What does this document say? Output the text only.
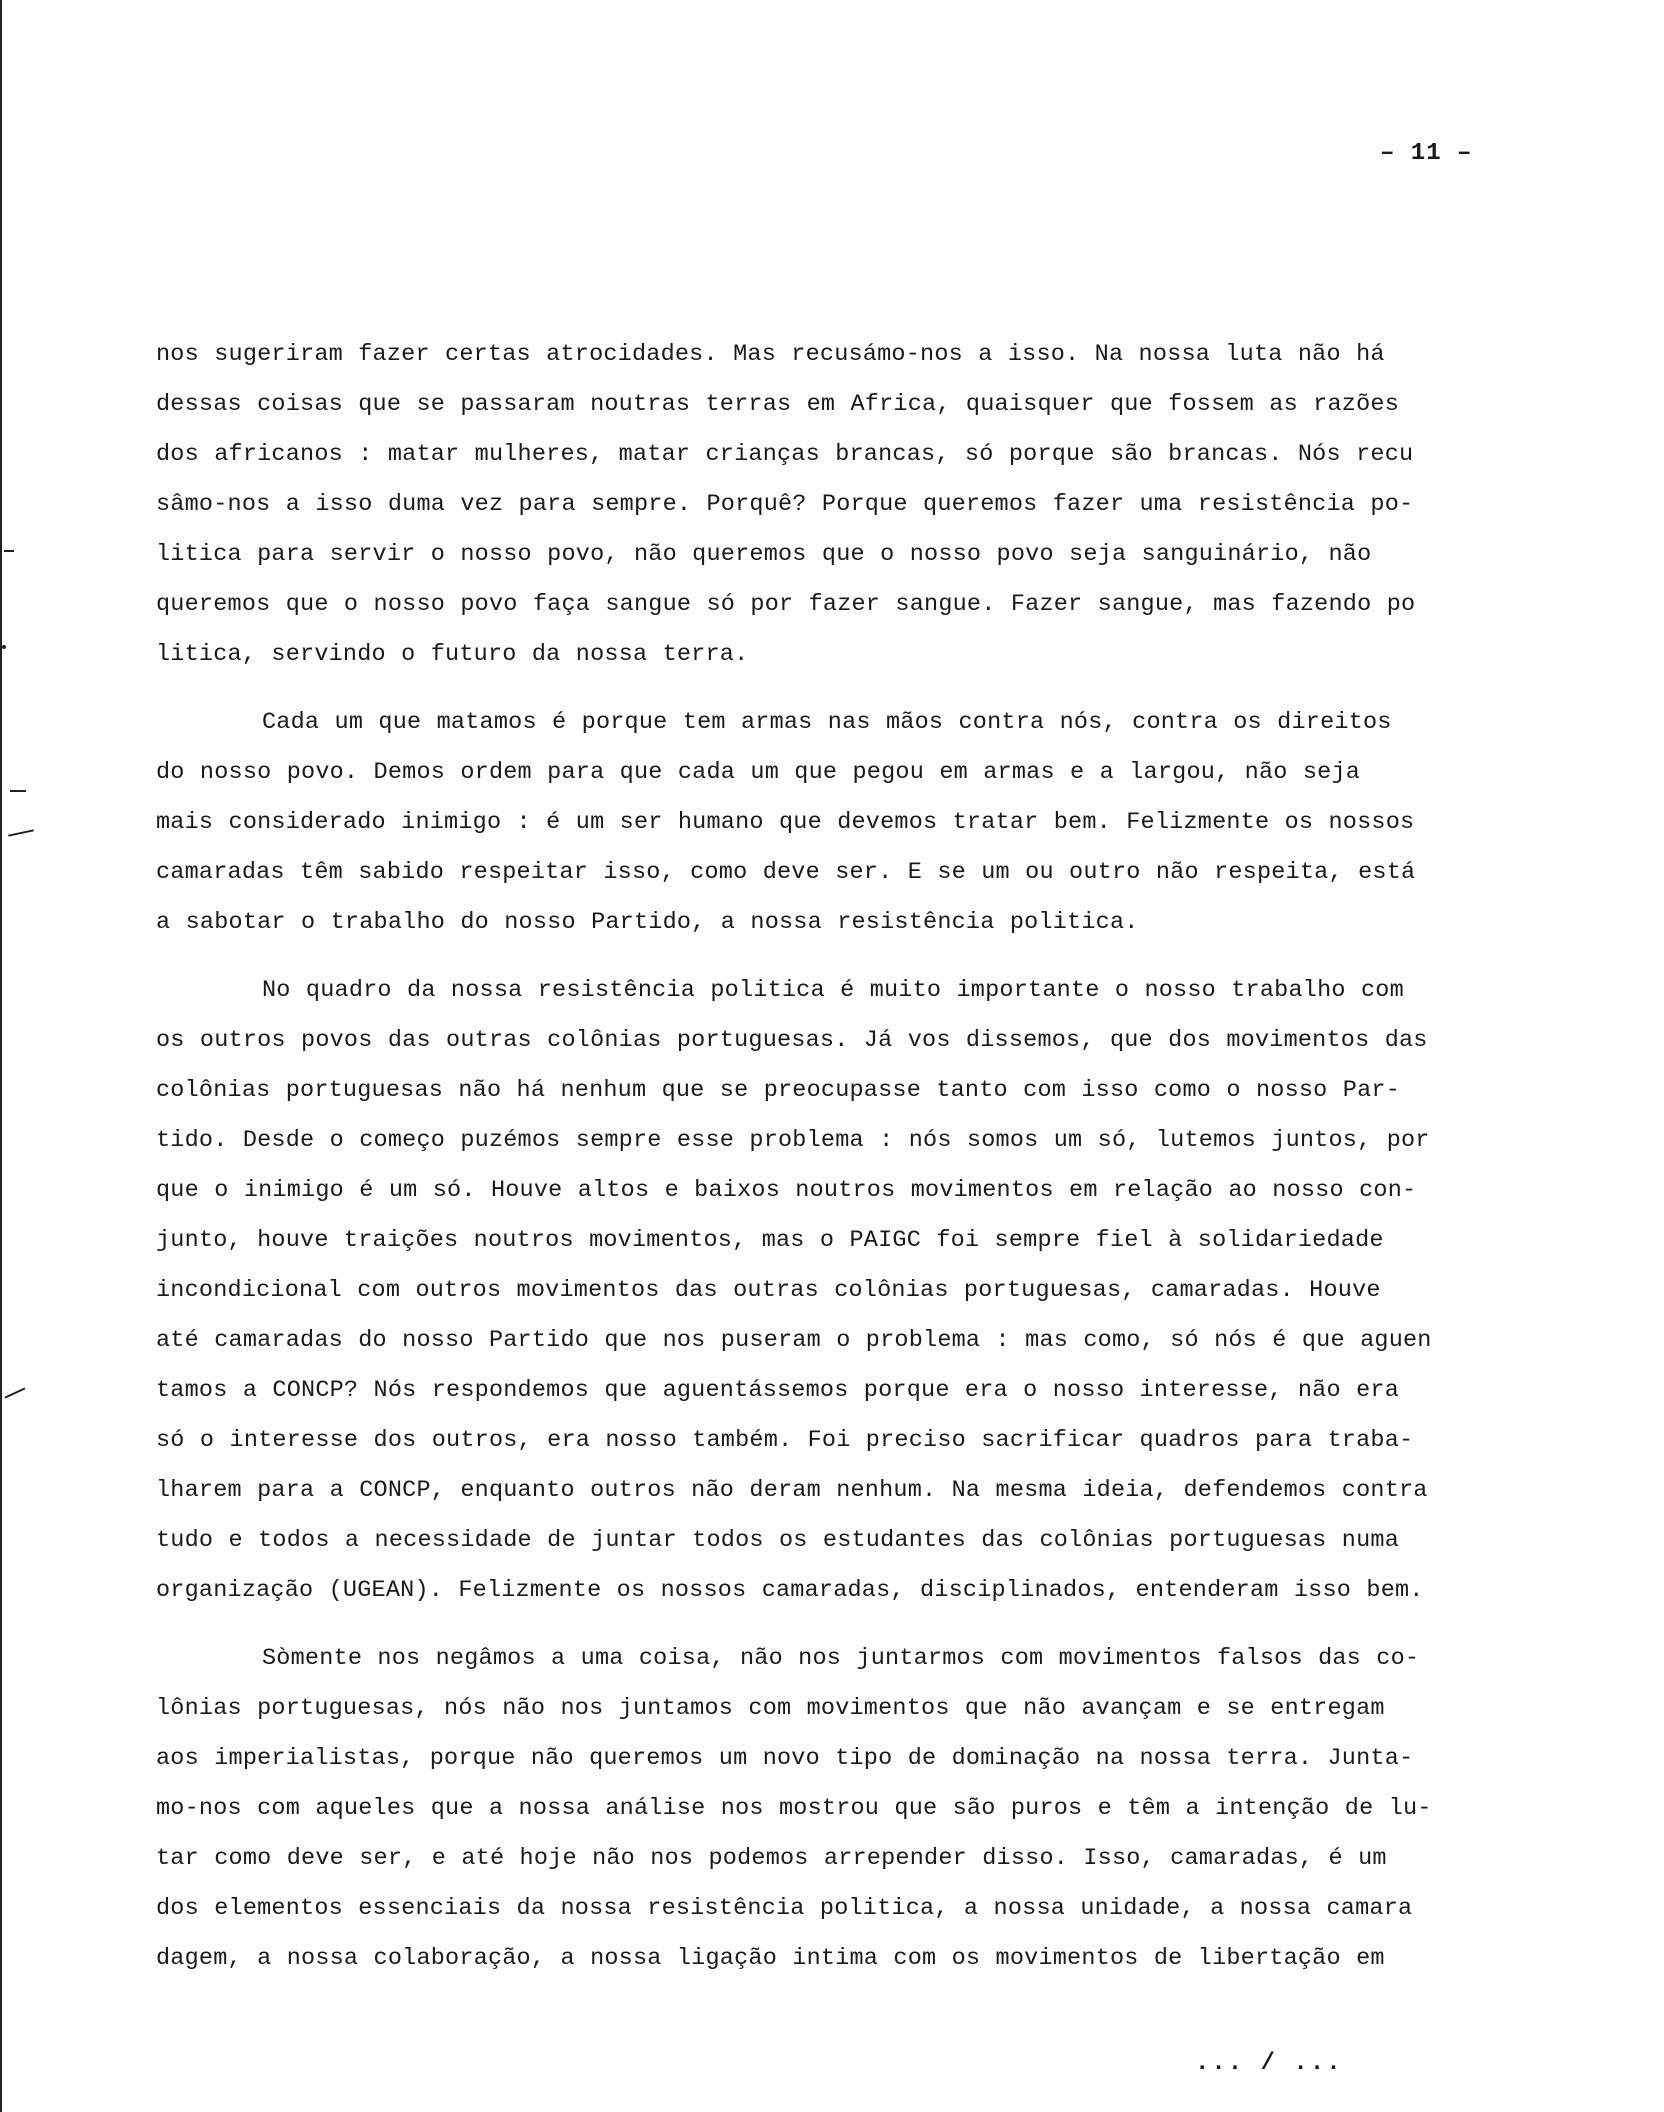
– 11 –

nos sugeriram fazer certas atrocidades. Mas recusámo-nos a isso. Na nossa luta não há
dessas coisas que se passaram noutras terras em Africa, quaisquer que fossem as razões
dos africanos : matar mulheres, matar crianças brancas, só porque são brancas. Nós recu
sâmo-nos a isso duma vez para sempre. Porquê? Porque queremos fazer uma resistência po-
litica para servir o nosso povo, não queremos que o nosso povo seja sanguinário, não
queremos que o nosso povo faça sangue só por fazer sangue. Fazer sangue, mas fazendo po
litica, servindo o futuro da nossa terra.

Cada um que matamos é porque tem armas nas mãos contra nós, contra os direitos
do nosso povo. Demos ordem para que cada um que pegou em armas e a largou, não seja
mais considerado inimigo : é um ser humano que devemos tratar bem. Felizmente os nossos
camaradas têm sabido respeitar isso, como deve ser. E se um ou outro não respeita, está
a sabotar o trabalho do nosso Partido, a nossa resistência politica.

No quadro da nossa resistência politica é muito importante o nosso trabalho com
os outros povos das outras colônias portuguesas. Já vos dissemos, que dos movimentos das
colônias portuguesas não há nenhum que se preocupasse tanto com isso como o nosso Par-
tido. Desde o começo puzémos sempre esse problema : nós somos um só, lutemos juntos, por
que o inimigo é um só. Houve altos e baixos noutros movimentos em relação ao nosso con-
junto, houve traições noutros movimentos, mas o PAIGC foi sempre fiel à solidariedade
incondicional com outros movimentos das outras colônias portuguesas, camaradas. Houve
até camaradas do nosso Partido que nos puseram o problema : mas como, só nós é que aguen
tamos a CONCP? Nós respondemos que aguentássemos porque era o nosso interesse, não era
só o interesse dos outros, era nosso também. Foi preciso sacrificar quadros para traba-
lharem para a CONCP, enquanto outros não deram nenhum. Na mesma ideia, defendemos contra
tudo e todos a necessidade de juntar todos os estudantes das colônias portuguesas numa
organização (UGEAN). Felizmente os nossos camaradas, disciplinados, entenderam isso bem.

Sòmente nos negâmos a uma coisa, não nos juntarmos com movimentos falsos das co-
lônias portuguesas, nós não nos juntamos com movimentos que não avançam e se entregam
aos imperialistas, porque não queremos um novo tipo de dominação na nossa terra. Junta-
mo-nos com aqueles que a nossa análise nos mostrou que são puros e têm a intenção de lu-
tar como deve ser, e até hoje não nos podemos arrepender disso. Isso, camaradas, é um
dos elementos essenciais da nossa resistência politica, a nossa unidade, a nossa camara
dagem, a nossa colaboração, a nossa ligação intima com os movimentos de libertação em

... / ...
